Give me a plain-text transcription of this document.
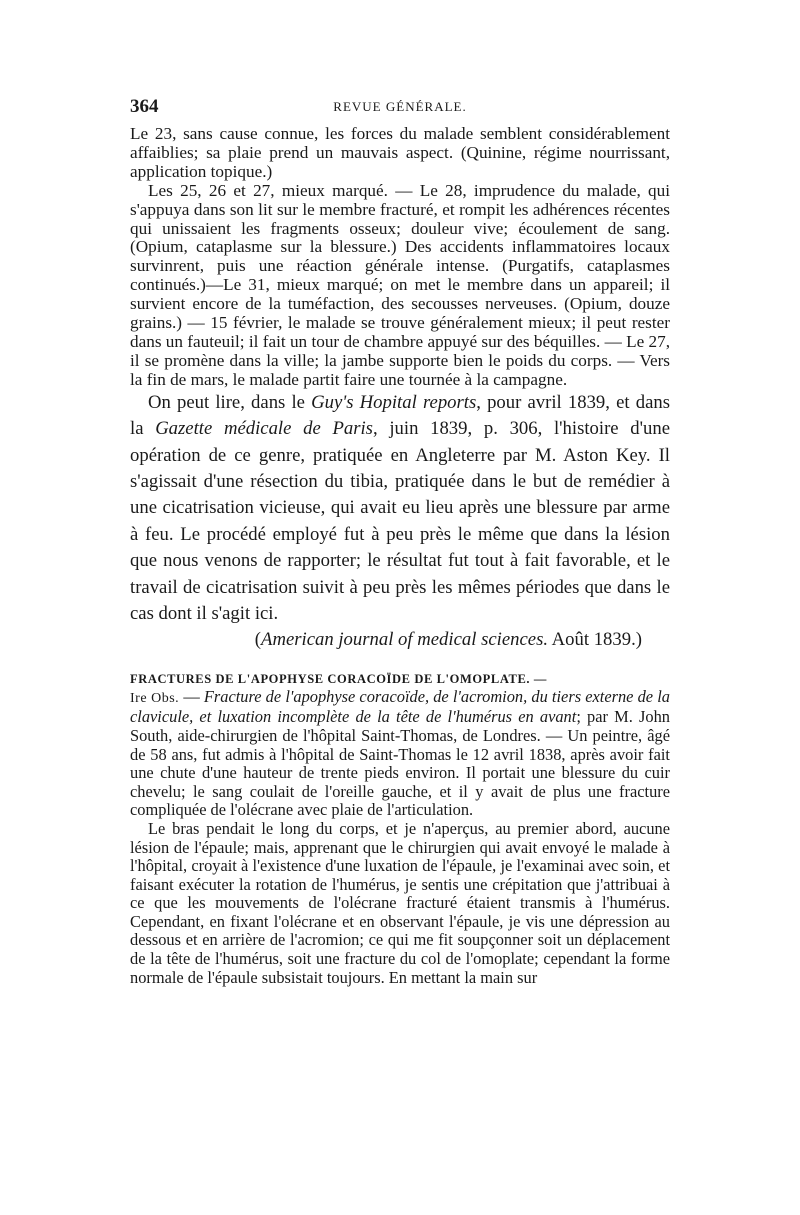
364	REVUE GÉNÉRALE.

Le 23, sans cause connue, les forces du malade semblent considérablement affaiblies; sa plaie prend un mauvais aspect. (Quinine, régime nourrissant, application topique.)

Les 25, 26 et 27, mieux marqué. — Le 28, imprudence du malade, qui s'appuya dans son lit sur le membre fracturé, et rompit les adhérences récentes qui unissaient les fragments osseux; douleur vive; écoulement de sang. (Opium, cataplasme sur la blessure.) Des accidents inflammatoires locaux survinrent, puis une réaction générale intense. (Purgatifs, cataplasmes continués.)—Le 31, mieux marqué; on met le membre dans un appareil; il survient encore de la tuméfaction, des secousses nerveuses. (Opium, douze grains.) — 15 février, le malade se trouve généralement mieux; il peut rester dans un fauteuil; il fait un tour de chambre appuyé sur des béquilles. — Le 27, il se promène dans la ville; la jambe supporte bien le poids du corps. — Vers la fin de mars, le malade partit faire une tournée à la campagne.

On peut lire, dans le Guy's Hopital reports, pour avril 1839, et dans la Gazette médicale de Paris, juin 1839, p. 306, l'histoire d'une opération de ce genre, pratiquée en Angleterre par M. Aston Key. Il s'agissait d'une résection du tibia, pratiquée dans le but de remédier à une cicatrisation vicieuse, qui avait eu lieu après une blessure par arme à feu. Le procédé employé fut à peu près le même que dans la lésion que nous venons de rapporter; le résultat fut tout à fait favorable, et le travail de cicatrisation suivit à peu près les mêmes périodes que dans le cas dont il s'agit ici.

(American journal of medical sciences. Août 1839.)

FRACTURES DE L'APOPHYSE CORACOÏDE DE L'OMOPLATE. —

Ire Obs. — Fracture de l'apophyse coracoïde, de l'acromion, du tiers externe de la clavicule, et luxation incomplète de la tête de l'humérus en avant; par M. John South, aide-chirurgien de l'hôpital Saint-Thomas, de Londres. — Un peintre, âgé de 58 ans, fut admis à l'hôpital de Saint-Thomas le 12 avril 1838, après avoir fait une chute d'une hauteur de trente pieds environ. Il portait une blessure du cuir chevelu; le sang coulait de l'oreille gauche, et il y avait de plus une fracture compliquée de l'olécrane avec plaie de l'articulation.

Le bras pendait le long du corps, et je n'aperçus, au premier abord, aucune lésion de l'épaule; mais, apprenant que le chirurgien qui avait envoyé le malade à l'hôpital, croyait à l'existence d'une luxation de l'épaule, je l'examinai avec soin, et faisant exécuter la rotation de l'humérus, je sentis une crépitation que j'attribuai à ce que les mouvements de l'olécrane fracturé étaient transmis à l'humérus. Cependant, en fixant l'olécrane et en observant l'épaule, je vis une dépression au dessous et en arrière de l'acromion; ce qui me fit soupçonner soit un déplacement de la tête de l'humérus, soit une fracture du col de l'omoplate; cependant la forme normale de l'épaule subsistait toujours. En mettant la main sur
